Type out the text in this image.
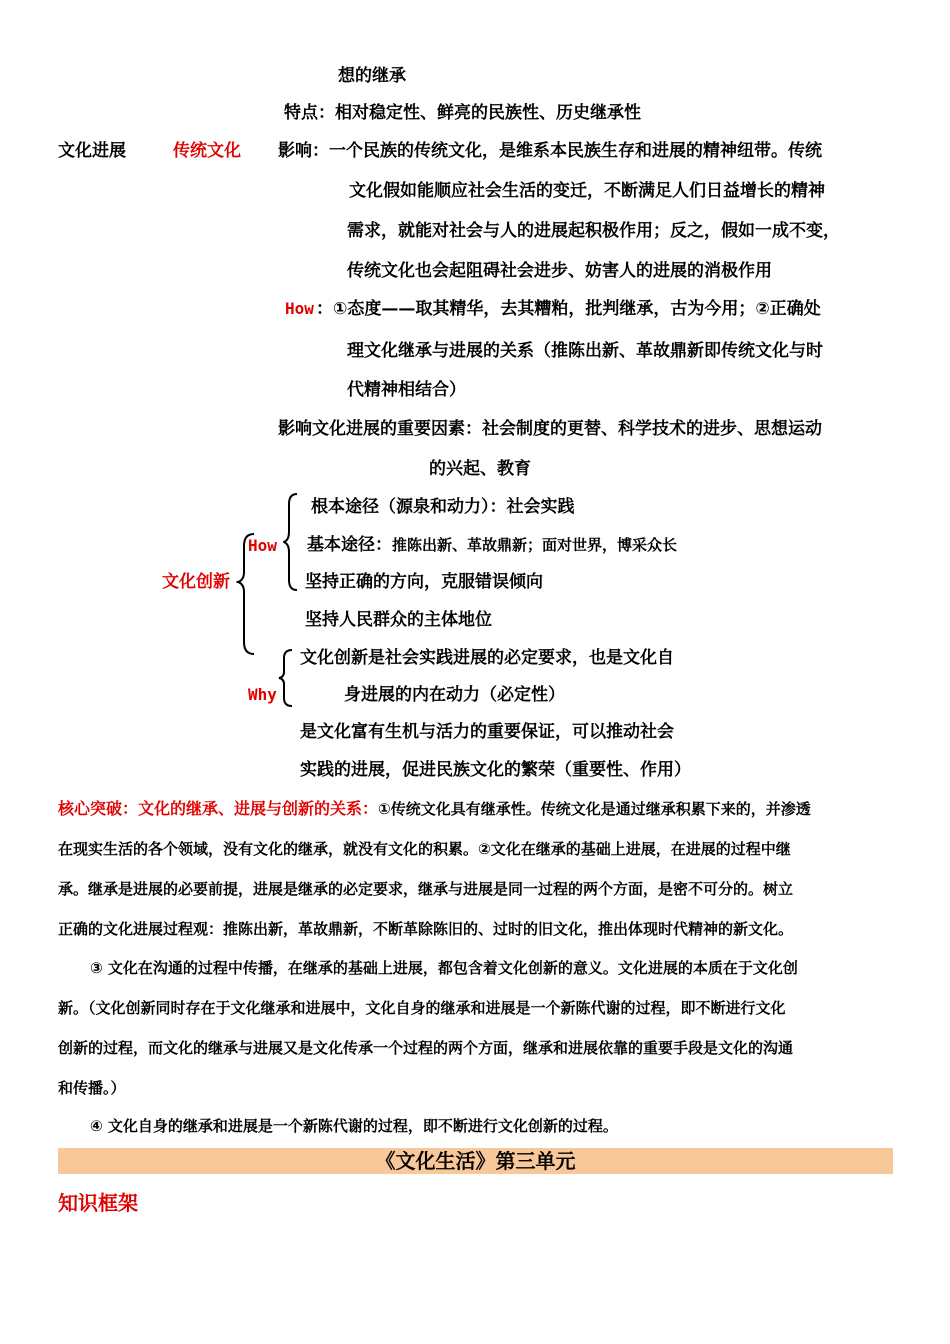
想的继承
特点：相对稳定性、鲜亮的民族性、历史继承性
文化进展	传统文化 影响：一个民族的传统文化，是维系本民族生存和进展的精神纽带。传统
文化假如能顺应社会生活的变迁，不断满足人们日益增长的精神
需求，就能对社会与人的进展起积极作用；反之，假如一成不变，
传统文化也会起阻碍社会进步、妨害人的进展的消极作用
How ：①态度——取其精华，去其糟粕，批判继承，古为今用；②正确处
理文化继承与进展的关系（推陈出新、革故鼎新即传统文化与时
代精神相结合）
影响文化进展的重要因素：社会制度的更替、科学技术的进步、思想运动
的兴起、教育
文化创新
How
根本途径（源泉和动力）：社会实践
基本途径：推陈出新、革故鼎新；面对世界，博采众长
坚持正确的方向，克服错误倾向
坚持人民群众的主体地位
Why
文化创新是社会实践进展的必定要求，也是文化自
身进展的内在动力（必定性）
是文化富有生机与活力的重要保证，可以推动社会
实践的进展，促进民族文化的繁荣（重要性、作用）
核心突破：文化的继承、进展与创新的关系：①传统文化具有继承性。传统文化是通过继承积累下来的，并渗透
在现实生活的各个领域，没有文化的继承，就没有文化的积累。②文化在继承的基础上进展，在进展的过程中继
承。继承是进展的必要前提，进展是继承的必定要求，继承与进展是同一过程的两个方面，是密不可分的。树立
正确的文化进展过程观：推陈出新，革故鼎新，不断革除陈旧的、过时的旧文化，推出体现时代精神的新文化。
③ 文化在沟通的过程中传播，在继承的基础上进展，都包含着文化创新的意义。文化进展的本质在于文化创
新。（文化创新同时存在于文化继承和进展中，文化自身的继承和进展是一个新陈代谢的过程，即不断进行文化
创新的过程，而文化的继承与进展又是文化传承一个过程的两个方面，继承和进展依靠的重要手段是文化的沟通
和传播。）
④ 文化自身的继承和进展是一个新陈代谢的过程，即不断进行文化创新的过程。
《文化生活》第三单元
知识框架
